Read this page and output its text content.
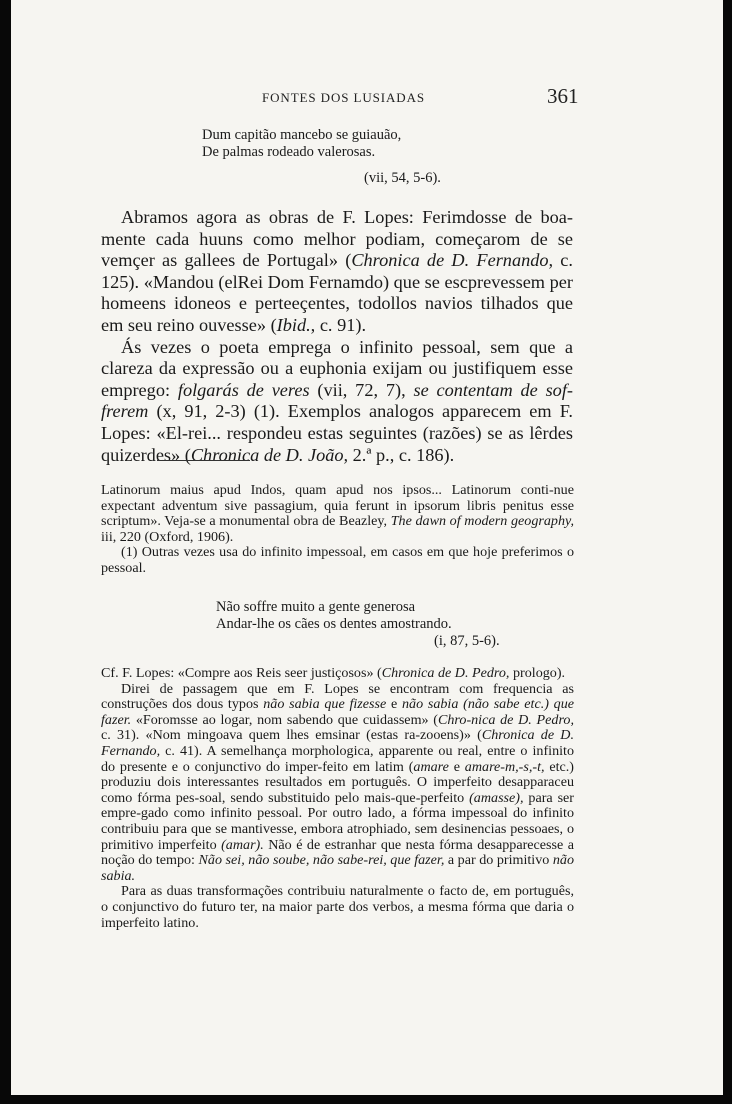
FONTES DOS LUSIADAS	361
Dum capitão mancebo se guiauão,
De palmas rodeado valerosas.
(vii, 54, 5-6).

Abramos agora as obras de F. Lopes: Ferimdosse de boa-mente cada huuns como melhor podiam, começarom de se vemçer as gallees de Portugal» (Chronica de D. Fernando, c. 125). «Mandou (elRei Dom Fernamdo) que se escprevessem per homeens idoneos e perteeçentes, todollos navios tilhados que em seu reino ouvesse» (Ibid., c. 91).

Ás vezes o poeta emprega o infinito pessoal, sem que a clareza da expressão ou a euphonia exijam ou justifiquem esse emprego: folgarás de veres (vii, 72, 7), se contentam de sof-frerem (x, 91, 2-3) (1). Exemplos analogos apparecem em F. Lopes: «El-rei... respondeu estas seguintes (razões) se as lêrdes quizerdes» (Chronica de D. João, 2.ª p., c. 186).

Latinorum maius apud Indos, quam apud nos ipsos... Latinorum conti-nue expectant adventum sive passagium, quia ferunt in ipsorum libris penitus esse scriptum». Veja-se a monumental obra de Beazley, The dawn of modern geography, iii, 220 (Oxford, 1906).

(1) Outras vezes usa do infinito impessoal, em casos em que hoje preferimos o pessoal.

Não soffre muito a gente generosa
Andar-lhe os cães os dentes amostrando.
(i, 87, 5-6).

Cf. F. Lopes: «Compre aos Reis seer justiçosos» (Chronica de D. Pedro, prologo).

Direi de passagem que em F. Lopes se encontram com frequencia as construções dos dous typos não sabia que fizesse e não sabia (não sabe etc.) que fazer. «Foromsse ao logar, nom sabendo que cuidassem» (Chro-nica de D. Pedro, c. 31). «Nom mingoava quem lhes emsinar (estas ra-zooens)» (Chronica de D. Fernando, c. 41). A semelhança morphologica, apparente ou real, entre o infinito do presente e o conjunctivo do imper-feito em latim (amare e amare-m,-s,-t, etc.) produziu dois interessantes resultados em português. O imperfeito desapparaceu como fórma pes-soal, sendo substituido pelo mais-que-perfeito (amasse), para ser empre-gado como infinito pessoal. Por outro lado, a fórma impessoal do infinito contribuiu para que se mantivesse, embora atrophiado, sem desinencias pessoaes, o primitivo imperfeito (amar). Não é de estranhar que nesta fórma desapparecesse a noção do tempo: Não sei, não soube, não sabe-rei, que fazer, a par do primitivo não sabia.

Para as duas transformações contribuiu naturalmente o facto de, em português, o conjunctivo do futuro ter, na maior parte dos verbos, a mesma fórma que daria o imperfeito latino.
